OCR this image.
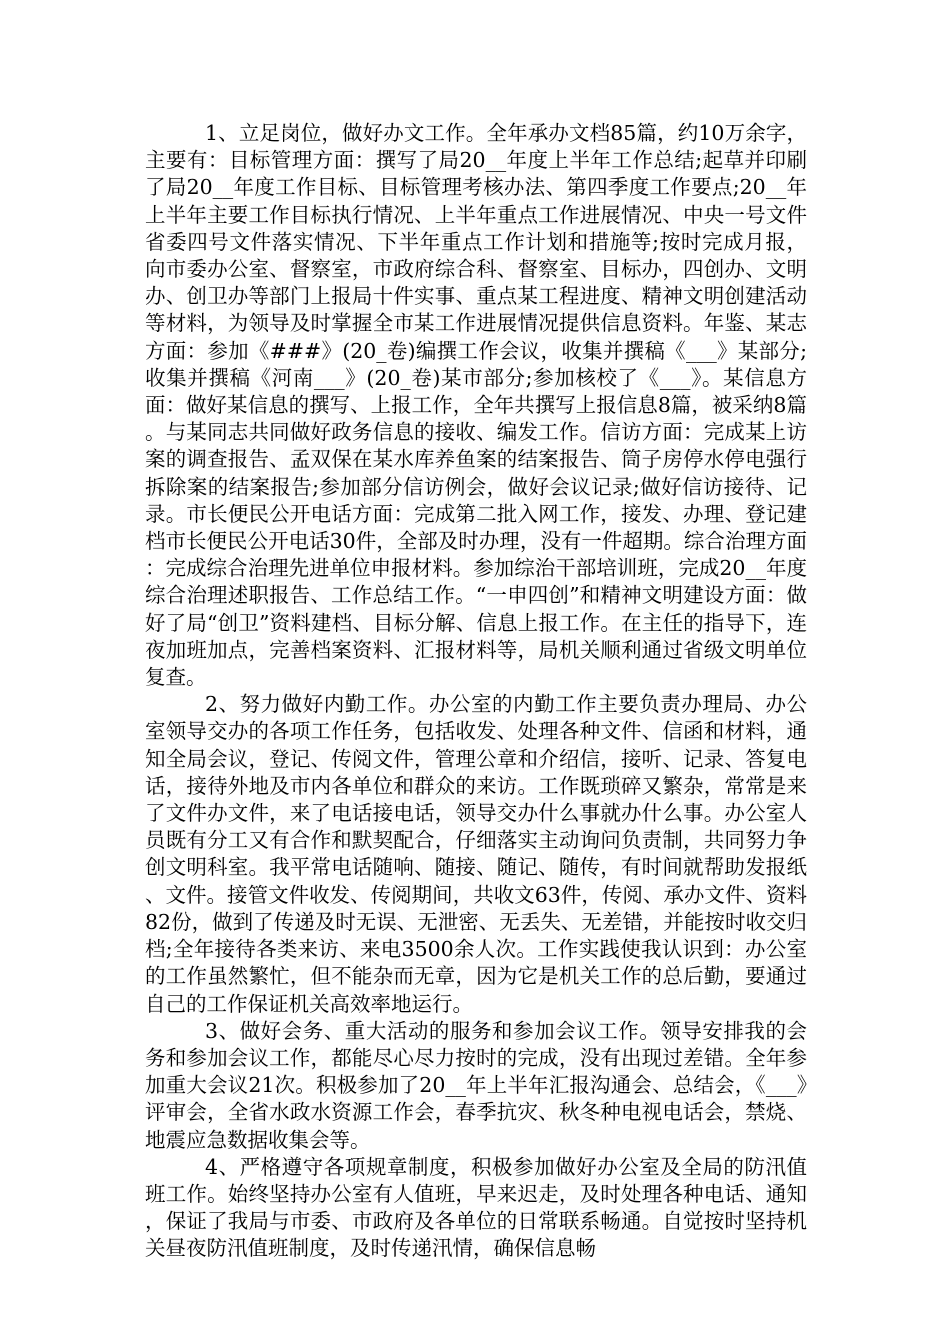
1、立足岗位，做好办文工作。全年承办文档85篇，约10万余字，主要有：目标管理方面：撰写了局20__年度上半年工作总结;起草并印刷了局20__年度工作目标、目标管理考核办法、第四季度工作要点;20__年上半年主要工作目标执行情况、上半年重点工作进展情况、中央一号文件省委四号文件落实情况、下半年重点工作计划和措施等;按时完成月报，向市委办公室、督察室，市政府综合科、督察室、目标办，四创办、文明办、创卫办等部门上报局十件实事、重点某工程进度、精神文明创建活动等材料，为领导及时掌握全市某工作进展情况提供信息资料。年鉴、某志方面：参加《###》(20_卷)编撰工作会议，收集并撰稿《___》某部分;收集并撰稿《河南___》(20_卷)某市部分;参加核校了《___》。某信息方面：做好某信息的撰写、上报工作，全年共撰写上报信息8篇，被采纳8篇。与某同志共同做好政务信息的接收、编发工作。信访方面：完成某上访案的调查报告、孟双保在某水库养鱼案的结案报告、筒子房停水停电强行拆除案的结案报告;参加部分信访例会，做好会议记录;做好信访接待、记录。市长便民公开电话方面：完成第二批入网工作，接发、办理、登记建档市长便民公开电话30件，全部及时办理，没有一件超期。综合治理方面：完成综合治理先进单位申报材料。参加综治干部培训班，完成20__年度综合治理述职报告、工作总结工作。“一申四创”和精神文明建设方面：做好了局“创卫”资料建档、目标分解、信息上报工作。在主任的指导下，连夜加班加点，完善档案资料、汇报材料等，局机关顺利通过省级文明单位复查。

2、努力做好内勤工作。办公室的内勤工作主要负责办理局、办公室领导交办的各项工作任务，包括收发、处理各种文件、信函和材料，通知全局会议，登记、传阅文件，管理公章和介绍信，接听、记录、答复电话，接待外地及市内各单位和群众的来访。工作既琐碎又繁杂，常常是来了文件办文件，来了电话接电话，领导交办什么事就办什么事。办公室人员既有分工又有合作和默契配合，仔细落实主动询问负责制，共同努力争创文明科室。我平常电话随响、随接、随记、随传，有时间就帮助发报纸、文件。接管文件收发、传阅期间，共收文63件，传阅、承办文件、资料82份，做到了传递及时无误、无泄密、无丢失、无差错，并能按时收交归档;全年接待各类来访、来电3500余人次。工作实践使我认识到：办公室的工作虽然繁忙，但不能杂而无章，因为它是机关工作的总后勤，要通过自己的工作保证机关高效率地运行。

3、做好会务、重大活动的服务和参加会议工作。领导安排我的会务和参加会议工作，都能尽心尽力按时的完成，没有出现过差错。全年参加重大会议21次。积极参加了20__年上半年汇报沟通会、总结会，《___》评审会，全省水政水资源工作会，春季抗灾、秋冬种电视电话会，禁烧、地震应急数据收集会等。

4、严格遵守各项规章制度，积极参加做好办公室及全局的防汛值班工作。始终坚持办公室有人值班，早来迟走，及时处理各种电话、通知，保证了我局与市委、市政府及各单位的日常联系畅通。自觉按时坚持机关昼夜防汛值班制度，及时传递汛情，确保信息畅
